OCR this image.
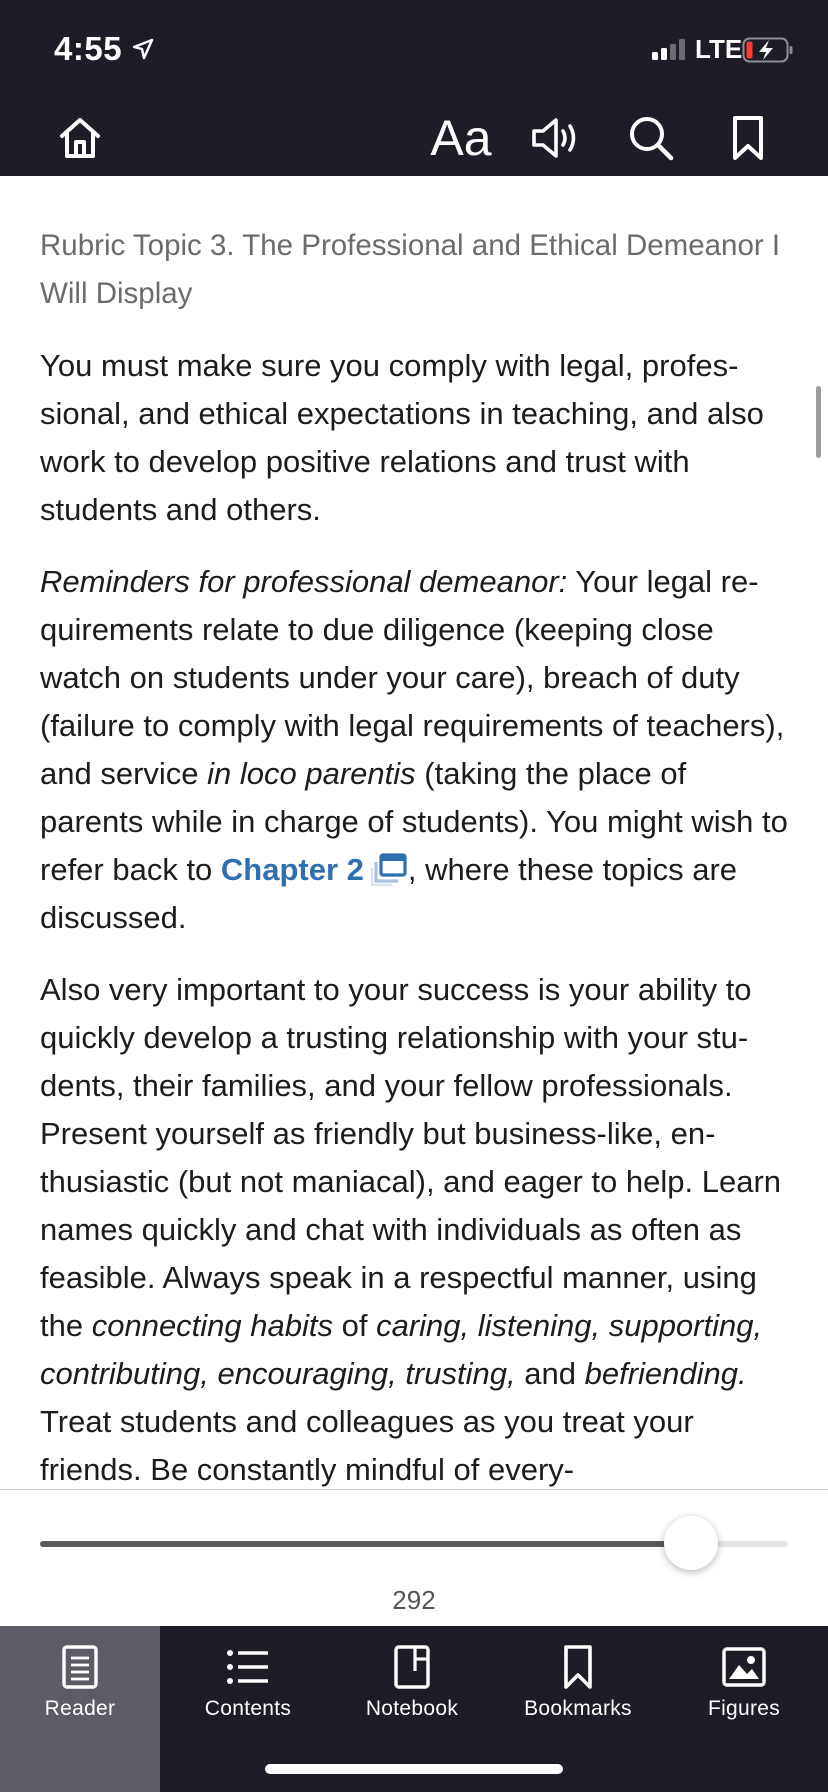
4:55	LTE
Aa

Rubric Topic 3. The Professional and Ethical Demeanor I Will Display

You must make sure you comply with legal, professional, and ethical expectations in teaching, and also work to develop positive relations and trust with students and others.

Reminders for professional demeanor: Your legal requirements relate to due diligence (keeping close watch on students under your care), breach of duty (failure to comply with legal requirements of teachers), and service in loco parentis (taking the place of parents while in charge of students). You might wish to refer back to Chapter 2 , where these topics are discussed.

Also very important to your success is your ability to quickly develop a trusting relationship with your students, their families, and your fellow professionals. Present yourself as friendly but business-like, enthusiastic (but not maniacal), and eager to help. Learn names quickly and chat with individuals as often as feasible. Always speak in a respectful manner, using the connecting habits of caring, listening, supporting, contributing, encouraging, trusting, and befriending. Treat students and colleagues as you treat your friends. Be constantly mindful of every-

292
Reader	Contents	Notebook	Bookmarks	Figures
